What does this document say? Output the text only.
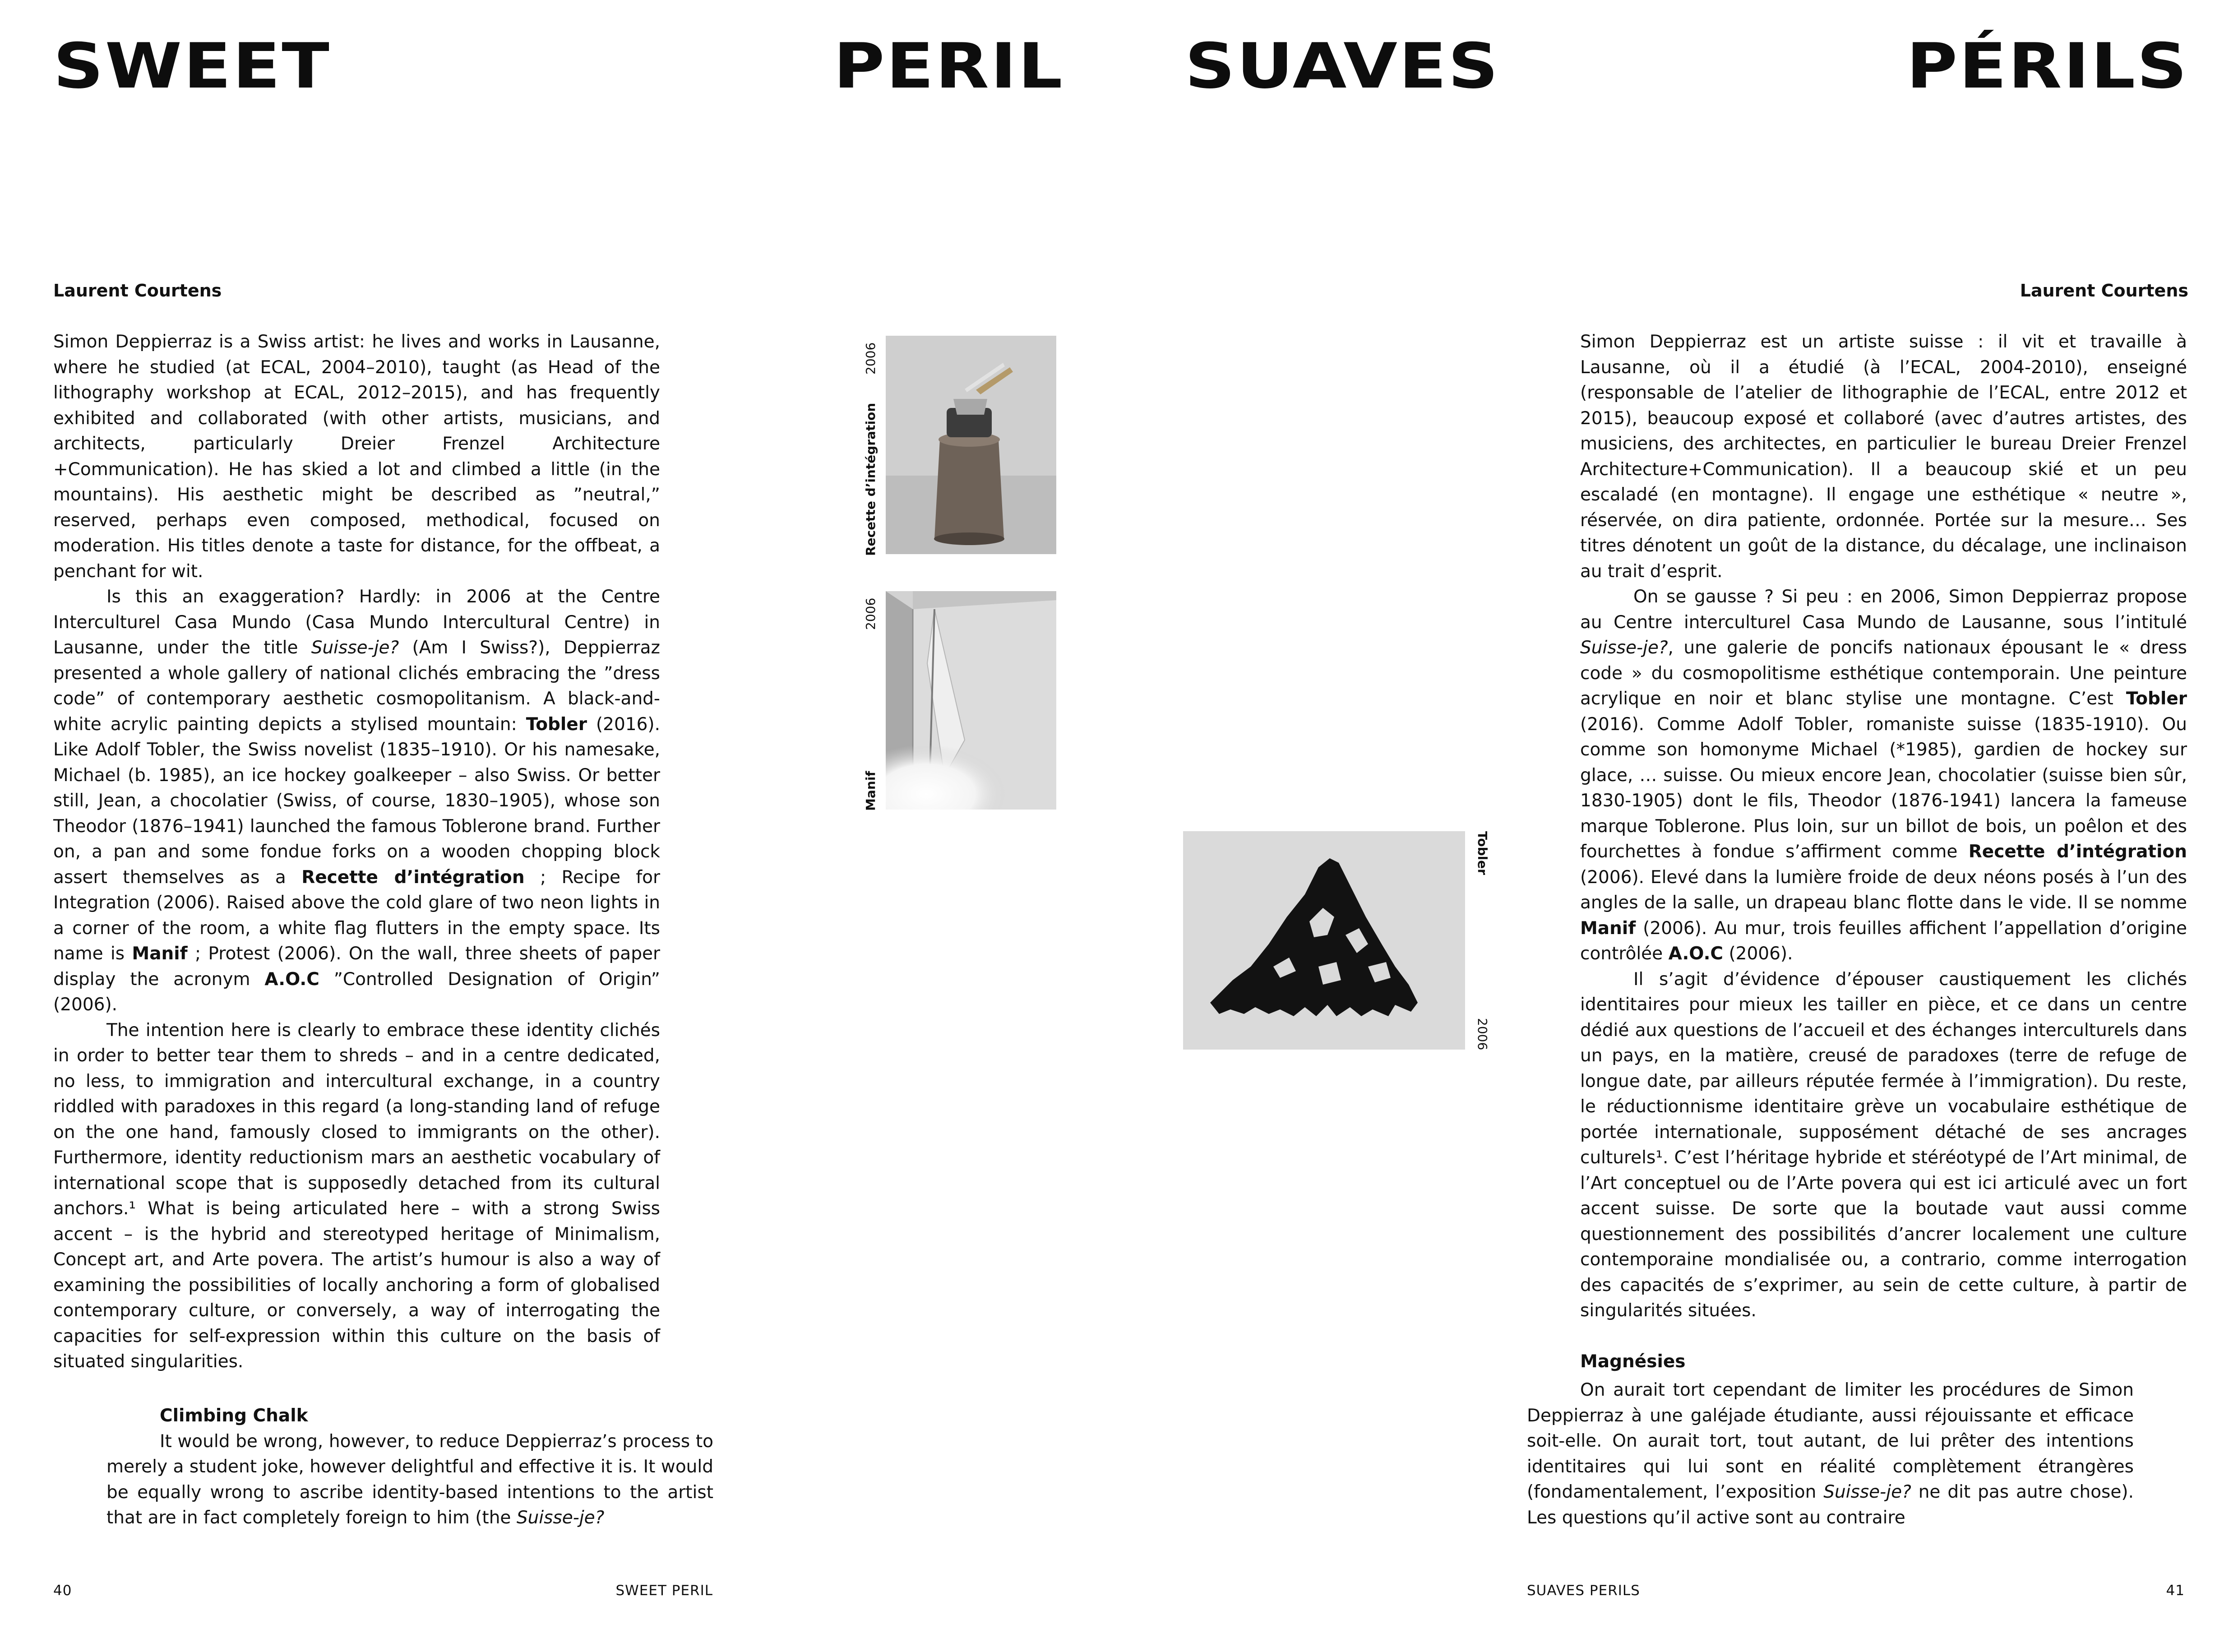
SWEET	PERIL SUAVES	PÉRILS

Laurent Courtens	Laurent Courtens

Simon Deppierraz is a Swiss artist: he lives and works in Lausanne, where he studied (at ECAL, 2004–2010), taught (as Head of the lithography workshop at ECAL, 2012–2015), and has frequently exhibited and collaborated (with other artists, musicians, and architects, particularly Dreier Frenzel Architecture +Communication). He has skied a lot and climbed a little (in the mountains). His aesthetic might be described as ”neutral,” reserved, perhaps even composed, methodical, focused on moderation. His titles denote a taste for distance, for the offbeat, a penchant for wit.

Is this an exaggeration? Hardly: in 2006 at the Centre Interculturel Casa Mundo (Casa Mundo Intercultural Centre) in Lausanne, under the title Suisse-je? (Am I Swiss?), Deppierraz presented a whole gallery of national clichés embracing the ”dress code” of contemporary aesthetic cosmopolitanism. A black-and-white acrylic painting depicts a stylised mountain: Tobler (2016). Like Adolf Tobler, the Swiss novelist (1835–1910). Or his namesake, Michael (b. 1985), an ice hockey goalkeeper – also Swiss. Or better still, Jean, a chocolatier (Swiss, of course, 1830–1905), whose son Theodor (1876–1941) launched the famous Toblerone brand. Further on, a pan and some fondue forks on a wooden chopping block assert themselves as a Recette d’intégration ; Recipe for Integration (2006). Raised above the cold glare of two neon lights in a corner of the room, a white flag flutters in the empty space. Its name is Manif ; Protest (2006). On the wall, three sheets of paper display the acronym A.O.C ”Controlled Designation of Origin” (2006).

The intention here is clearly to embrace these identity clichés in order to better tear them to shreds – and in a centre dedicated, no less, to immigration and intercultural exchange, in a country riddled with paradoxes in this regard (a long-standing land of refuge on the one hand, famously closed to immigrants on the other). Furthermore, identity reductionism mars an aesthetic vocabulary of international scope that is supposedly detached from its cultural anchors.¹ What is being articulated here – with a strong Swiss accent – is the hybrid and stereotyped heritage of Minimalism, Concept art, and Arte povera. The artist’s humour is also a way of examining the possibilities of locally anchoring a form of globalised contemporary culture, or conversely, a way of interrogating the capacities for self-expression within this culture on the basis of situated singularities.

Climbing Chalk

It would be wrong, however, to reduce Deppierraz’s process to merely a student joke, however delightful and effective it is. It would be equally wrong to ascribe identity-based intentions to the artist that are in fact completely foreign to him (the Suisse-je?

Simon Deppierraz est un artiste suisse : il vit et travaille à Lausanne, où il a étudié (à l’ECAL, 2004-2010), enseigné (responsable de l’atelier de lithographie de l’ECAL, entre 2012 et 2015), beaucoup exposé et collaboré (avec d’autres artistes, des musiciens, des architectes, en particulier le bureau Dreier Frenzel Architecture+Communication). Il a beaucoup skié et un peu escaladé (en montagne). Il engage une esthétique « neutre », réservée, on dira patiente, ordonnée. Portée sur la mesure… Ses titres dénotent un goût de la distance, du décalage, une inclinaison au trait d’esprit.

On se gausse ? Si peu : en 2006, Simon Deppierraz propose au Centre interculturel Casa Mundo de Lausanne, sous l’intitulé Suisse-je?, une galerie de poncifs nationaux épousant le « dress code » du cosmopolitisme esthétique contemporain. Une peinture acrylique en noir et blanc stylise une montagne. C’est Tobler (2016). Comme Adolf Tobler, romaniste suisse (1835-1910). Ou comme son homonyme Michael (*1985), gardien de hockey sur glace, … suisse. Ou mieux encore Jean, chocolatier (suisse bien sûr, 1830-1905) dont le fils, Theodor (1876-1941) lancera la fameuse marque Toblerone. Plus loin, sur un billot de bois, un poêlon et des fourchettes à fondue s’affirment comme Recette d’intégration (2006). Elevé dans la lumière froide de deux néons posés à l’un des angles de la salle, un drapeau blanc flotte dans le vide. Il se nomme Manif (2006). Au mur, trois feuilles affichent l’appellation d’origine contrôlée A.O.C (2006).

Il s’agit d’évidence d’épouser caustiquement les clichés identitaires pour mieux les tailler en pièce, et ce dans un centre dédié aux questions de l’accueil et des échanges interculturels dans un pays, en la matière, creusé de paradoxes (terre de refuge de longue date, par ailleurs réputée fermée à l’immigration). Du reste, le réductionnisme identitaire grève un vocabulaire esthétique de portée internationale, supposément détaché de ses ancrages culturels¹. C’est l’héritage hybride et stéréotypé de l’Art minimal, de l’Art conceptuel ou de l’Arte povera qui est ici articulé avec un fort accent suisse. De sorte que la boutade vaut aussi comme questionnement des possibilités d’ancrer localement une culture contemporaine mondialisée ou, a contrario, comme interrogation des capacités de s’exprimer, au sein de cette culture, à partir de singularités situées.

Magnésies

On aurait tort cependant de limiter les procédures de Simon Deppierraz à une galéjade étudiante, aussi réjouissante et efficace soit-elle. On aurait tort, tout autant, de lui prêter des intentions identitaires qui lui sont en réalité complètement étrangères (fondamentalement, l’exposition Suisse-je? ne dit pas autre chose). Les questions qu’il active sont au contraire

Recette d’intégration
2006
Manif
2006
Tobler
2006

40	SWEET PERIL	SUAVES PERILS	41
